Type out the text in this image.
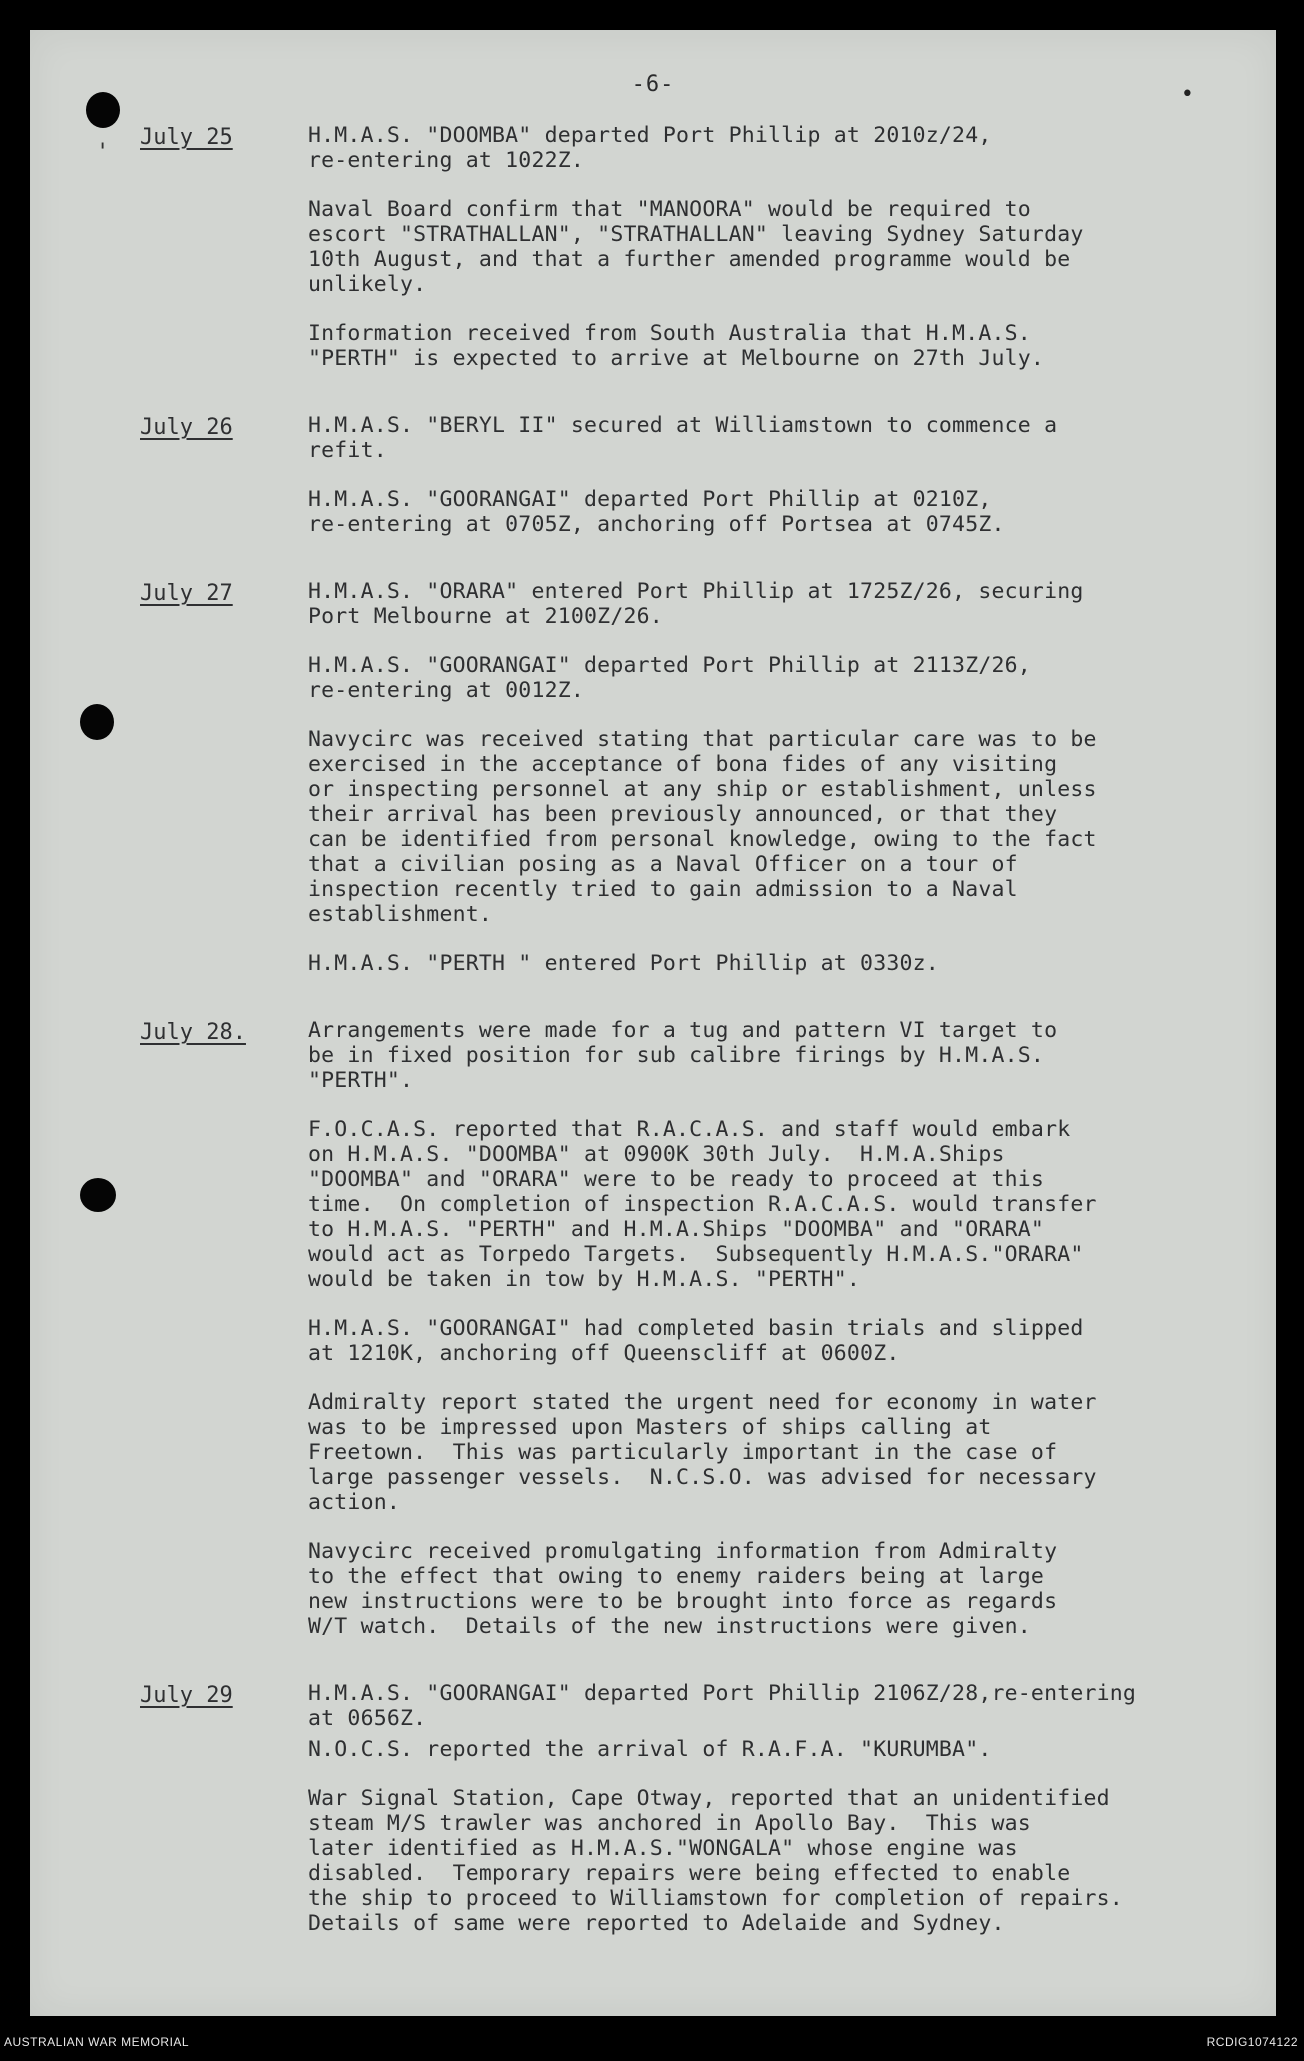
-6-	•
'
July 25	H.M.A.S. "DOOMBA" departed Port Phillip at 2010z/24,
re-entering at 1022Z.

Naval Board confirm that "MANOORA" would be required to
escort "STRATHALLAN", "STRATHALLAN" leaving Sydney Saturday
10th August, and that a further amended programme would be
unlikely.

Information received from South Australia that H.M.A.S.
"PERTH" is expected to arrive at Melbourne on 27th July.

July 26	H.M.A.S. "BERYL II" secured at Williamstown to commence a
refit.

H.M.A.S. "GOORANGAI" departed Port Phillip at 0210Z,
re-entering at 0705Z, anchoring off Portsea at 0745Z.

July 27	H.M.A.S. "ORARA" entered Port Phillip at 1725Z/26, securing
Port Melbourne at 2100Z/26.

H.M.A.S. "GOORANGAI" departed Port Phillip at 2113Z/26,
re-entering at 0012Z.

Navycirc was received stating that particular care was to be
exercised in the acceptance of bona fides of any visiting
or inspecting personnel at any ship or establishment, unless
their arrival has been previously announced, or that they
can be identified from personal knowledge, owing to the fact
that a civilian posing as a Naval Officer on a tour of
inspection recently tried to gain admission to a Naval
establishment.

H.M.A.S. "PERTH " entered Port Phillip at 0330z.

July 28.	Arrangements were made for a tug and pattern VI target to
be in fixed position for sub calibre firings by H.M.A.S.
"PERTH".

F.O.C.A.S. reported that R.A.C.A.S. and staff would embark
on H.M.A.S. "DOOMBA" at 0900K 30th July.  H.M.A.Ships
"DOOMBA" and "ORARA" were to be ready to proceed at this
time.  On completion of inspection R.A.C.A.S. would transfer
to H.M.A.S. "PERTH" and H.M.A.Ships "DOOMBA" and "ORARA"
would act as Torpedo Targets.  Subsequently H.M.A.S."ORARA"
would be taken in tow by H.M.A.S. "PERTH".

H.M.A.S. "GOORANGAI" had completed basin trials and slipped
at 1210K, anchoring off Queenscliff at 0600Z.

Admiralty report stated the urgent need for economy in water
was to be impressed upon Masters of ships calling at
Freetown.  This was particularly important in the case of
large passenger vessels.  N.C.S.O. was advised for necessary
action.

Navycirc received promulgating information from Admiralty
to the effect that owing to enemy raiders being at large
new instructions were to be brought into force as regards
W/T watch.  Details of the new instructions were given.

July 29	H.M.A.S. "GOORANGAI" departed Port Phillip 2106Z/28,re-entering
at 0656Z.

N.O.C.S. reported the arrival of R.A.F.A. "KURUMBA".

War Signal Station, Cape Otway, reported that an unidentified
steam M/S trawler was anchored in Apollo Bay.  This was
later identified as H.M.A.S."WONGALA" whose engine was
disabled.  Temporary repairs were being effected to enable
the ship to proceed to Williamstown for completion of repairs.
Details of same were reported to Adelaide and Sydney.

AUSTRALIAN WAR MEMORIAL	RCDIG1074122
